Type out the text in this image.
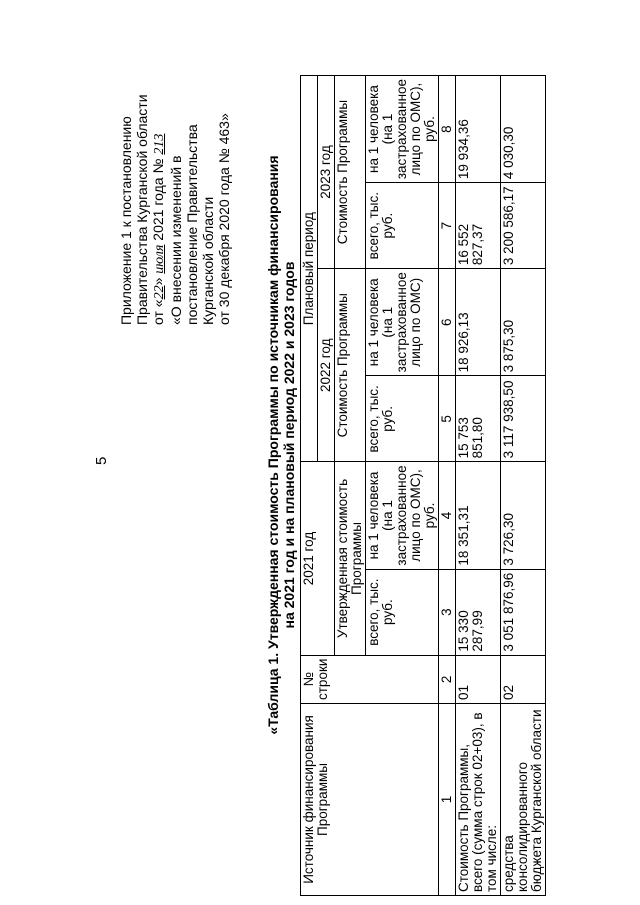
5
Приложение 1 к постановлению Правительства Курганской области от «22» июля 2021 года № 213
«О внесении изменений в постановление Правительства Курганской области от 30 декабря 2020 года № 463» «Таблица 1. Утвержденная стоимость Программы по источникам финансирования на 2021 год и на плановый период 2022 и 2023 годов
Источник финансирования Программы	№ строки	2021 год		Плановый период			
				2022 год		2023 год	
		Утвержденная стоимость Программы		Стоимость Программы		Стоимость Программы	
		всего, тыс. руб.	на 1 человека (на 1 застрахованное лицо по ОМС), руб.	всего, тыс. руб.	на 1 человека (на 1 застрахованное лицо по ОМС)	всего, тыс. руб.	на 1 человека (на 1 застрахованное лицо по ОМС), руб.
1	2	3	4	5	6	7	8
Стоимость Программы, всего (сумма строк 02+03), в том числе:	01	15 330 287,99	18 351,31	15 753 851,80	18 926,13	16 552 827,37	19 934,36
средства консолидированного бюджета Курганской области	02	3 051 876,96	3 726,30	3 117 938,50	3 875,30	3 200 586,17	4 030,30
